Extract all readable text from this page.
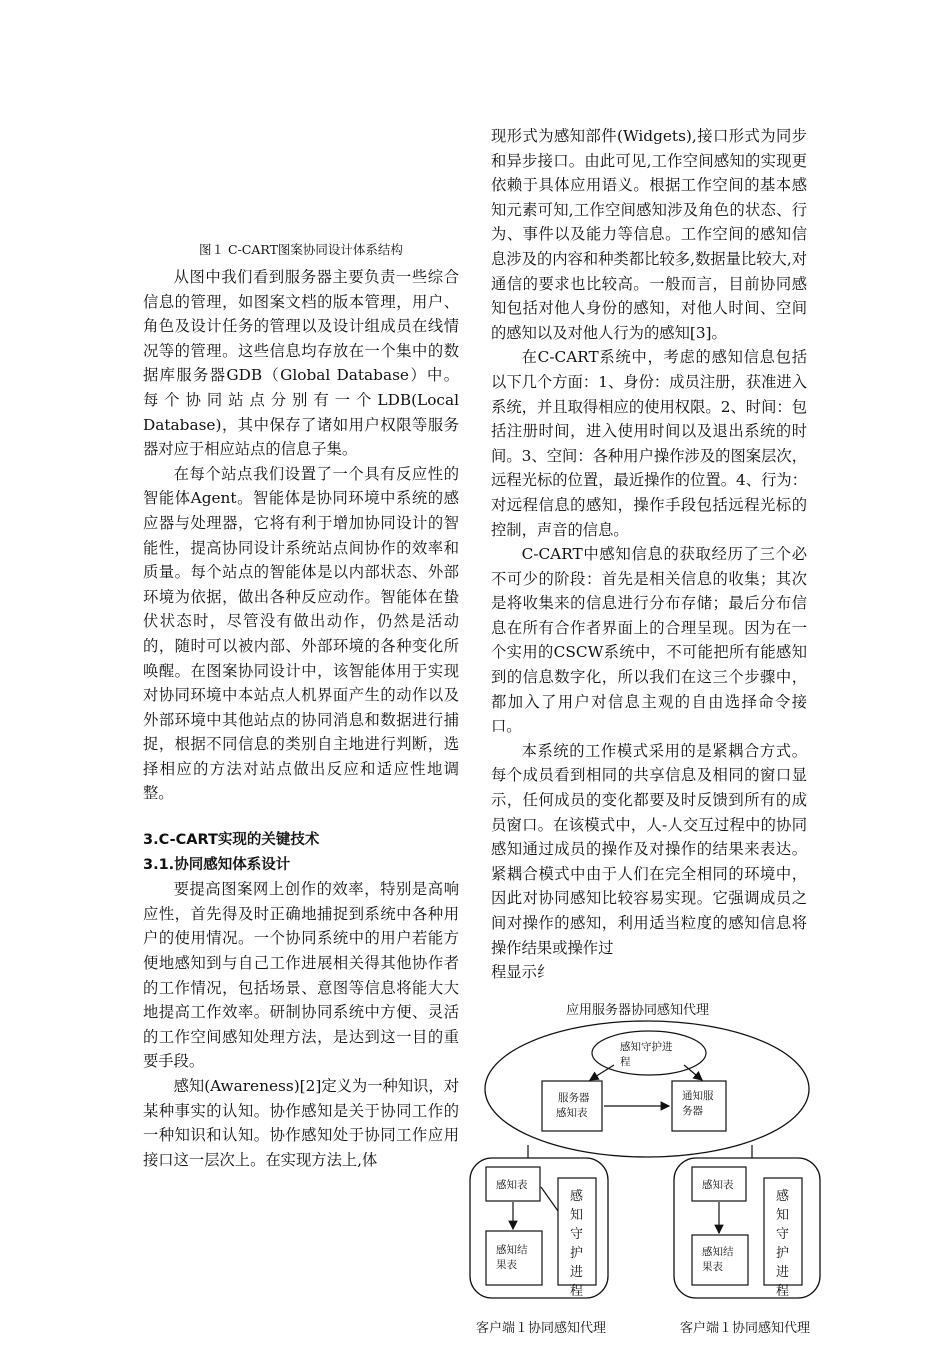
图１ C-CART图案协同设计体系结构

从图中我们看到服务器主要负责一些综合信息的管理，如图案文档的版本管理，用户、角色及设计任务的管理以及设计组成员在线情况等的管理。这些信息均存放在一个集中的数据库服务器GDB（Global Database）中。每个协同站点分别有一个LDB(Local Database)，其中保存了诸如用户权限等服务器对应于相应站点的信息子集。

在每个站点我们设置了一个具有反应性的智能体Agent。智能体是协同环境中系统的感应器与处理器，它将有利于增加协同设计的智能性，提高协同设计系统站点间协作的效率和质量。每个站点的智能体是以内部状态、外部环境为依据，做出各种反应动作。智能体在蛰伏状态时，尽管没有做出动作，仍然是活动的，随时可以被内部、外部环境的各种变化所唤醒。在图案协同设计中，该智能体用于实现对协同环境中本站点人机界面产生的动作以及外部环境中其他站点的协同消息和数据进行捕捉，根据不同信息的类别自主地进行判断，选择相应的方法对站点做出反应和适应性地调整。

3.C-CART实现的关键技术

3.1.协同感知体系设计

要提高图案网上创作的效率，特别是高响应性，首先得及时正确地捕捉到系统中各种用户的使用情况。一个协同系统中的用户若能方便地感知到与自己工作进展相关得其他协作者的工作情况，包括场景、意图等信息将能大大地提高工作效率。研制协同系统中方便、灵活的工作空间感知处理方法，是达到这一目的重要手段。

感知(Awareness)[2]定义为一种知识，对某种事实的认知。协作感知是关于协同工作的一种知识和认知。协作感知处于协同工作应用接口这一层次上。在实现方法上,体

现形式为感知部件(Widgets),接口形式为同步和异步接口。由此可见,工作空间感知的实现更依赖于具体应用语义。根据工作空间的基本感知元素可知,工作空间感知涉及角色的状态、行为、事件以及能力等信息。工作空间的感知信息涉及的内容和种类都比较多,数据量比较大,对通信的要求也比较高。一般而言，目前协同感知包括对他人身份的感知，对他人时间、空间的感知以及对他人行为的感知[3]。

在C-CART系统中，考虑的感知信息包括以下几个方面：1、身份：成员注册，获准进入系统，并且取得相应的使用权限。2、时间：包括注册时间，进入使用时间以及退出系统的时间。3、空间：各种用户操作涉及的图案层次，远程光标的位置，最近操作的位置。4、行为：对远程信息的感知，操作手段包括远程光标的控制，声音的信息。

C-CART中感知信息的获取经历了三个必不可少的阶段：首先是相关信息的收集；其次是将收集来的信息进行分布存储；最后分布信息在所有合作者界面上的合理呈现。因为在一个实用的CSCW系统中，不可能把所有能感知到的信息数字化，所以我们在这三个步骤中，都加入了用户对信息主观的自由选择命令接口。

本系统的工作模式采用的是紧耦合方式。每个成员看到相同的共享信息及相同的窗口显示，任何成员的变化都要及时反馈到所有的成员窗口。在该模式中，人-人交互过程中的协同感知通过成员的操作及对操作的结果来表达。紧耦合模式中由于人们在完全相同的环境中，因此对协同感知比较容易实现。它强调成员之间对操作的感知，利用适当粒度的感知信息将操作结果或操作过

程显示纟

应用服务器协同感知代理
感知守护进
程
服务器
感知表
通知服
务器
感知表
感知结
果表
感
知
守
护
进
程
感知表
感知结
果表
感
知
守
护
进
程
客户端１协同感知代理	客户端１协同感知代理
